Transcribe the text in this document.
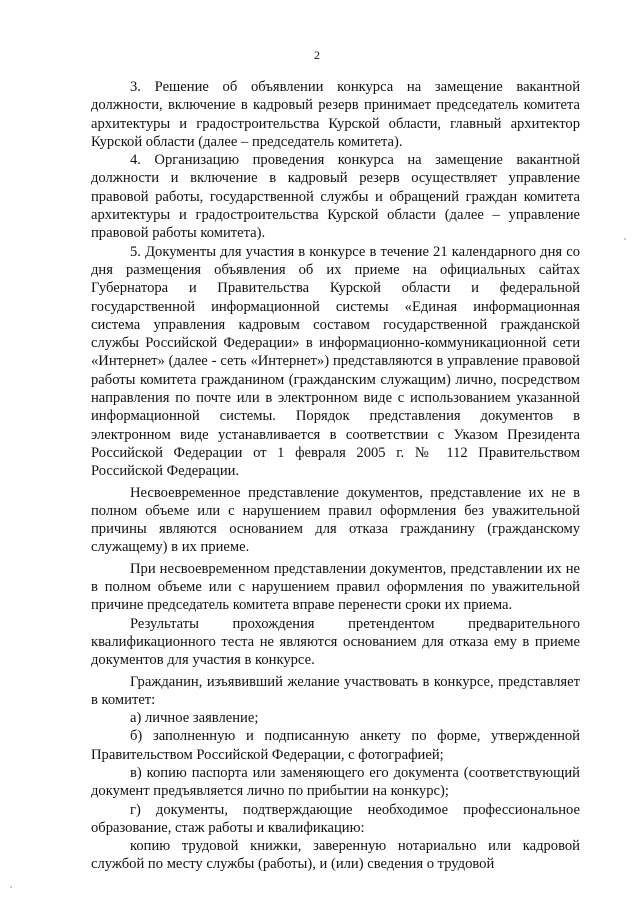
2

3. Решение об объявлении конкурса на замещение вакантной должности, включение в кадровый резерв принимает председатель комитета архитектуры и градостроительства Курской области, главный архитектор Курской области (далее – председатель комитета).

4. Организацию проведения конкурса на замещение вакантной должности и включение в кадровый резерв осуществляет управление правовой работы, государственной службы и обращений граждан комитета архитектуры и градостроительства Курской области (далее – управление правовой работы комитета).

5. Документы для участия в конкурсе в течение 21 календарного дня со дня размещения объявления об их приеме на официальных сайтах Губернатора и Правительства Курской области и федеральной государственной информационной системы «Единая информационная система управления кадровым составом государственной гражданской службы Российской Федерации» в информационно-коммуникационной сети «Интернет» (далее - сеть «Интернет») представляются в управление правовой работы комитета гражданином (гражданским служащим) лично, посредством направления по почте или в электронном виде с использованием указанной информационной системы. Порядок представления документов в электронном виде устанавливается в соответствии с Указом Президента Российской Федерации от 1 февраля 2005 г. № 112 Правительством Российской Федерации.

Несвоевременное представление документов, представление их не в полном объеме или с нарушением правил оформления без уважительной причины являются основанием для отказа гражданину (гражданскому служащему) в их приеме.

При несвоевременном представлении документов, представлении их не в полном объеме или с нарушением правил оформления по уважительной причине председатель комитета вправе перенести сроки их приема.

Результаты прохождения претендентом предварительного квалификационного теста не являются основанием для отказа ему в приеме документов для участия в конкурсе.

Гражданин, изъявивший желание участвовать в конкурсе, представляет в комитет:

а) личное заявление;

б) заполненную и подписанную анкету по форме, утвержденной Правительством Российской Федерации, с фотографией;

в) копию паспорта или заменяющего его документа (соответствующий документ предъявляется лично по прибытии на конкурс);

г) документы, подтверждающие необходимое профессиональное образование, стаж работы и квалификацию:

копию трудовой книжки, заверенную нотариально или кадровой службой по месту службы (работы), и (или) сведения о трудовой
